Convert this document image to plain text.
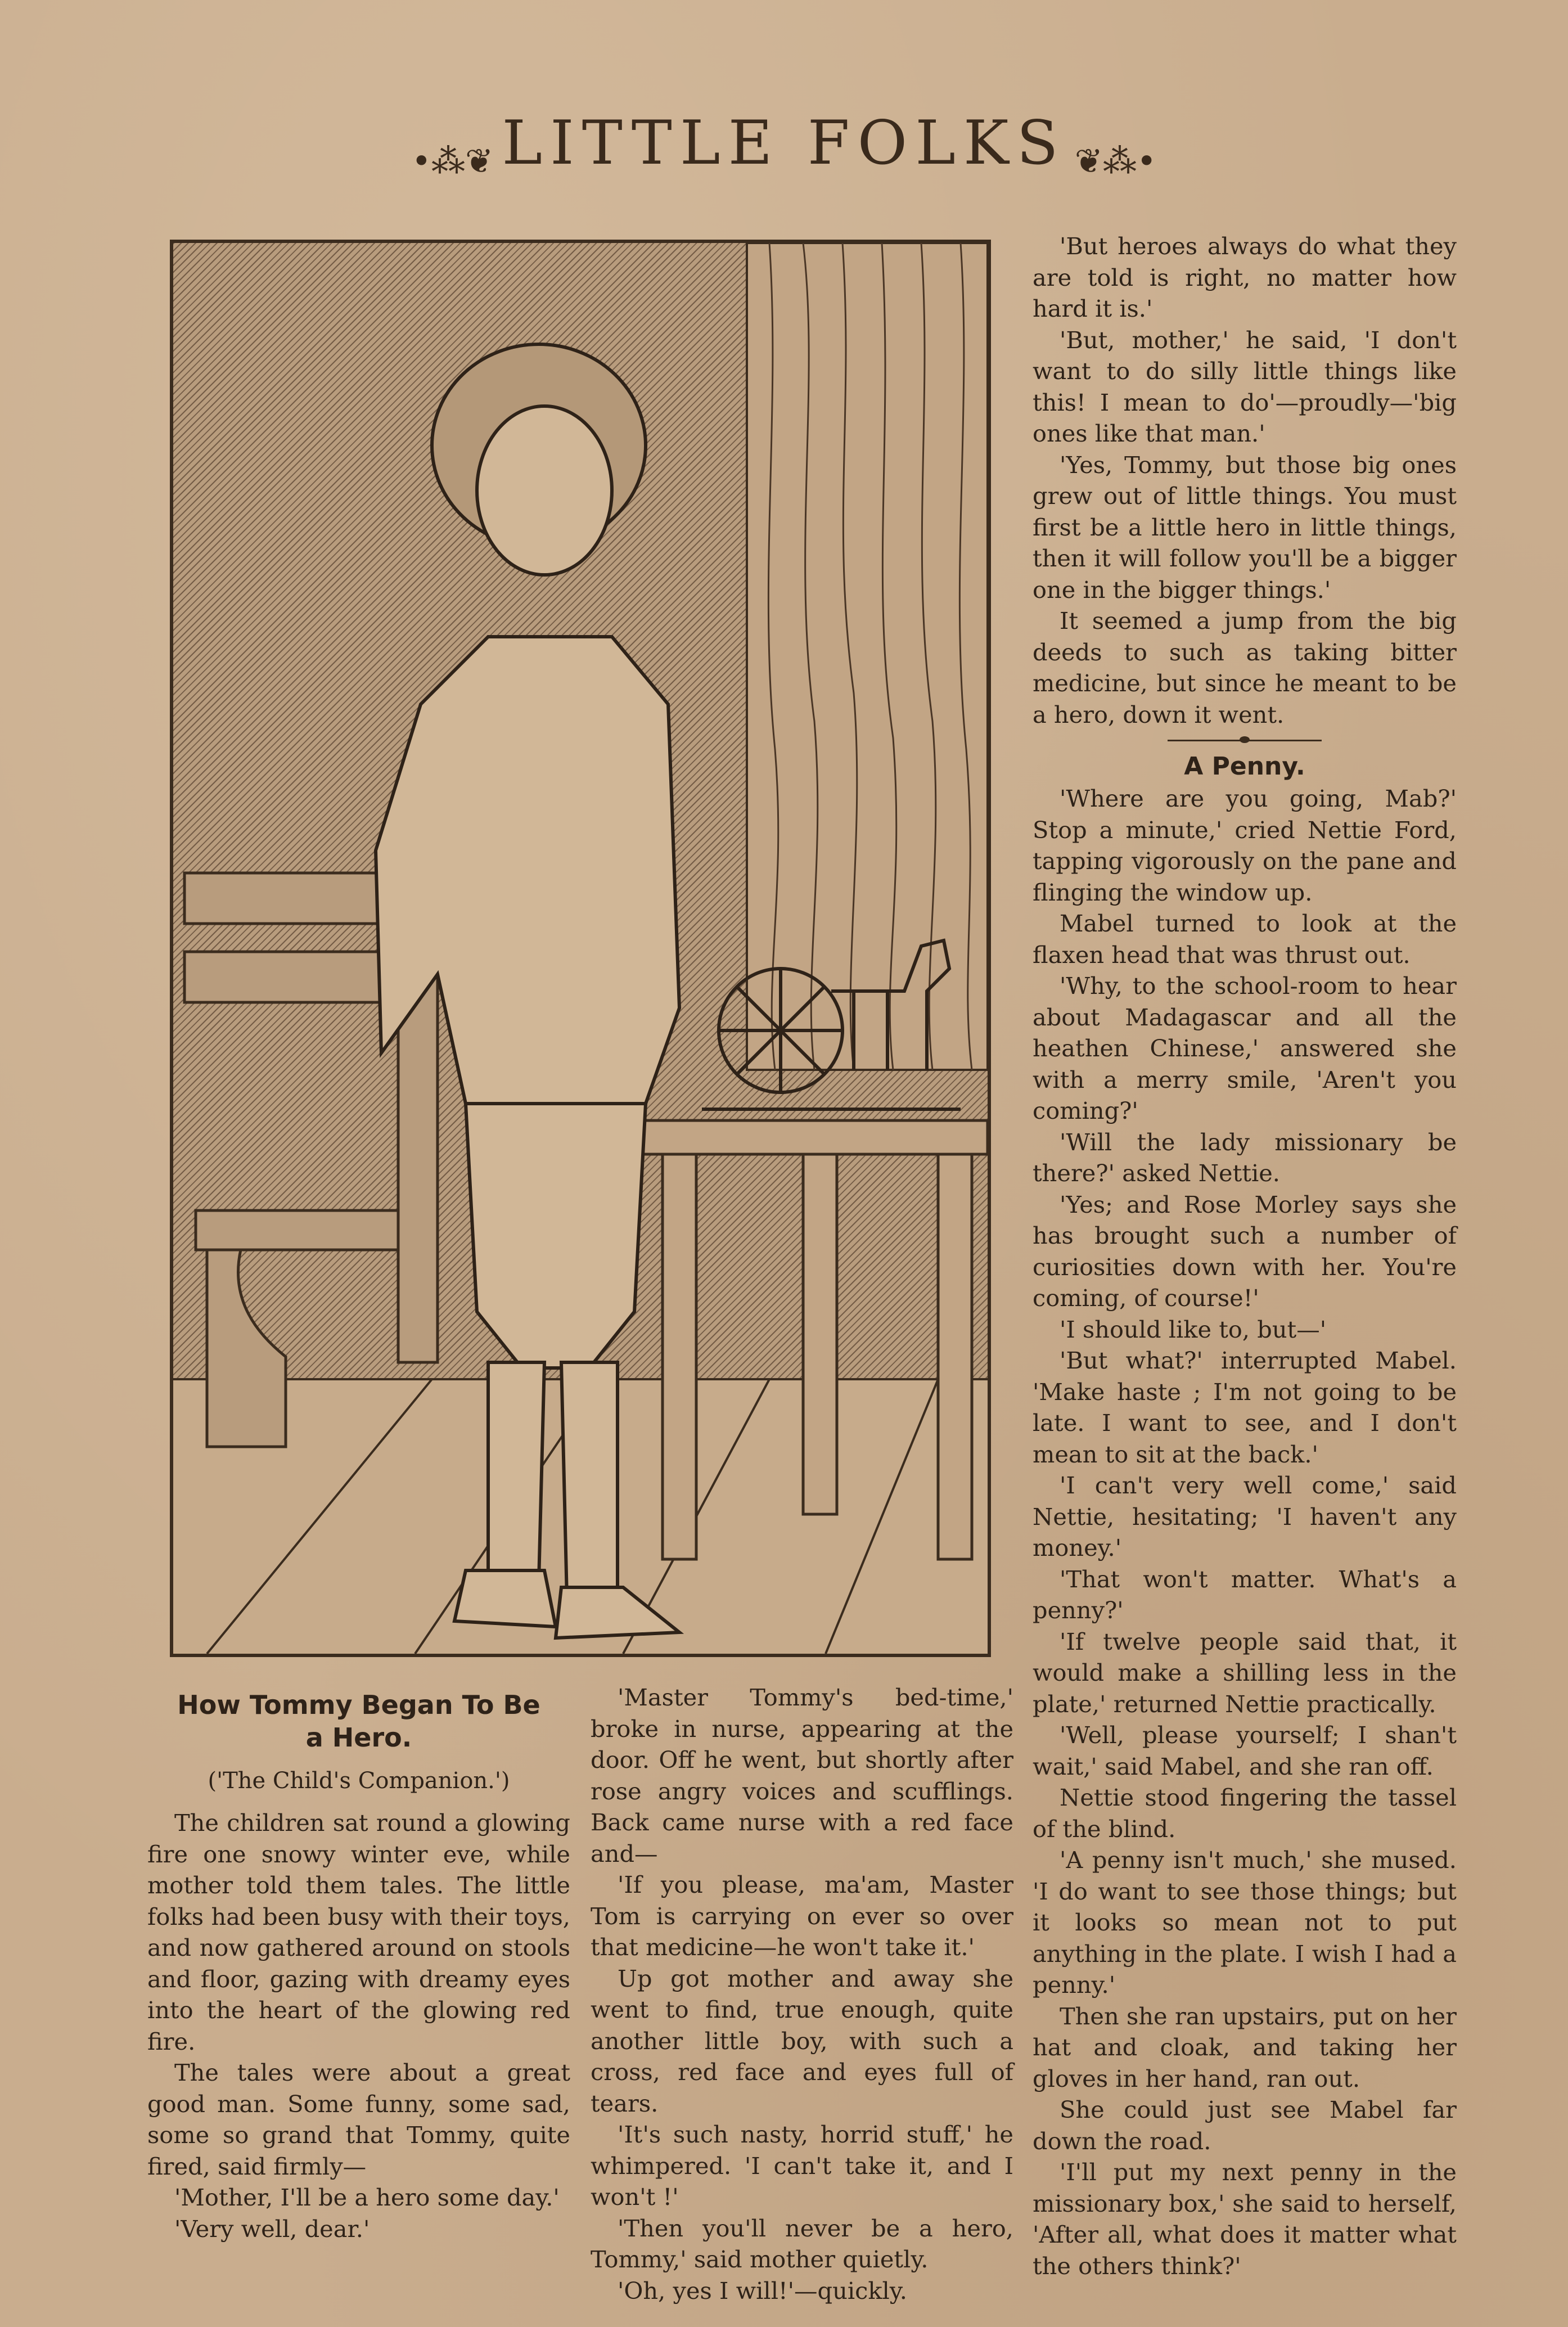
•⁂❦ LITTLE FOLKS ❦⁂•
How Tommy Began To Be
a Hero.
('The Child's Companion.')

The children sat round a glowing fire one snowy winter eve, while mother told them tales. The little folks had been busy with their toys, and now gathered around on stools and floor, gazing with dreamy eyes into the heart of the glowing red fire.

The tales were about a great good man. Some funny, some sad, some so grand that Tommy, quite fired, said firmly—

'Mother, I'll be a hero some day.'

'Very well, dear.'

'Master Tommy's bed-time,' broke in nurse, appearing at the door. Off he went, but shortly after rose angry voices and scufflings. Back came nurse with a red face and—

'If you please, ma'am, Master Tom is carrying on ever so over that medicine—he won't take it.'

Up got mother and away she went to find, true enough, quite another little boy, with such a cross, red face and eyes full of tears.

'It's such nasty, horrid stuff,' he whimpered. 'I can't take it, and I won't !'

'Then you'll never be a hero, Tommy,' said mother quietly.

'Oh, yes I will!'—quickly.

'But heroes always do what they are told is right, no matter how hard it is.'

'But, mother,' he said, 'I don't want to do silly little things like this! I mean to do'—proudly—'big ones like that man.'

'Yes, Tommy, but those big ones grew out of little things. You must first be a little hero in little things, then it will follow you'll be a bigger one in the bigger things.'

It seemed a jump from the big deeds to such as taking bitter medicine, but since he meant to be a hero, down it went.

A Penny.

'Where are you going, Mab?' Stop a minute,' cried Nettie Ford, tapping vigorously on the pane and flinging the window up.

Mabel turned to look at the flaxen head that was thrust out.

'Why, to the school-room to hear about Madagascar and all the heathen Chinese,' answered she with a merry smile, 'Aren't you coming?'

'Will the lady missionary be there?' asked Nettie.

'Yes; and Rose Morley says she has brought such a number of curiosities down with her. You're coming, of course!'

'I should like to, but—'

'But what?' interrupted Mabel. 'Make haste ; I'm not going to be late. I want to see, and I don't mean to sit at the back.'

'I can't very well come,' said Nettie, hesitating; 'I haven't any money.'

'That won't matter. What's a penny?'

'If twelve people said that, it would make a shilling less in the plate,' returned Nettie practically.

'Well, please yourself; I shan't wait,' said Mabel, and she ran off.

Nettie stood fingering the tassel of the blind.

'A penny isn't much,' she mused. 'I do want to see those things; but it looks so mean not to put anything in the plate. I wish I had a penny.'

Then she ran upstairs, put on her hat and cloak, and taking her gloves in her hand, ran out.

She could just see Mabel far down the road.

'I'll put my next penny in the missionary box,' she said to herself, 'After all, what does it matter what the others think?'
